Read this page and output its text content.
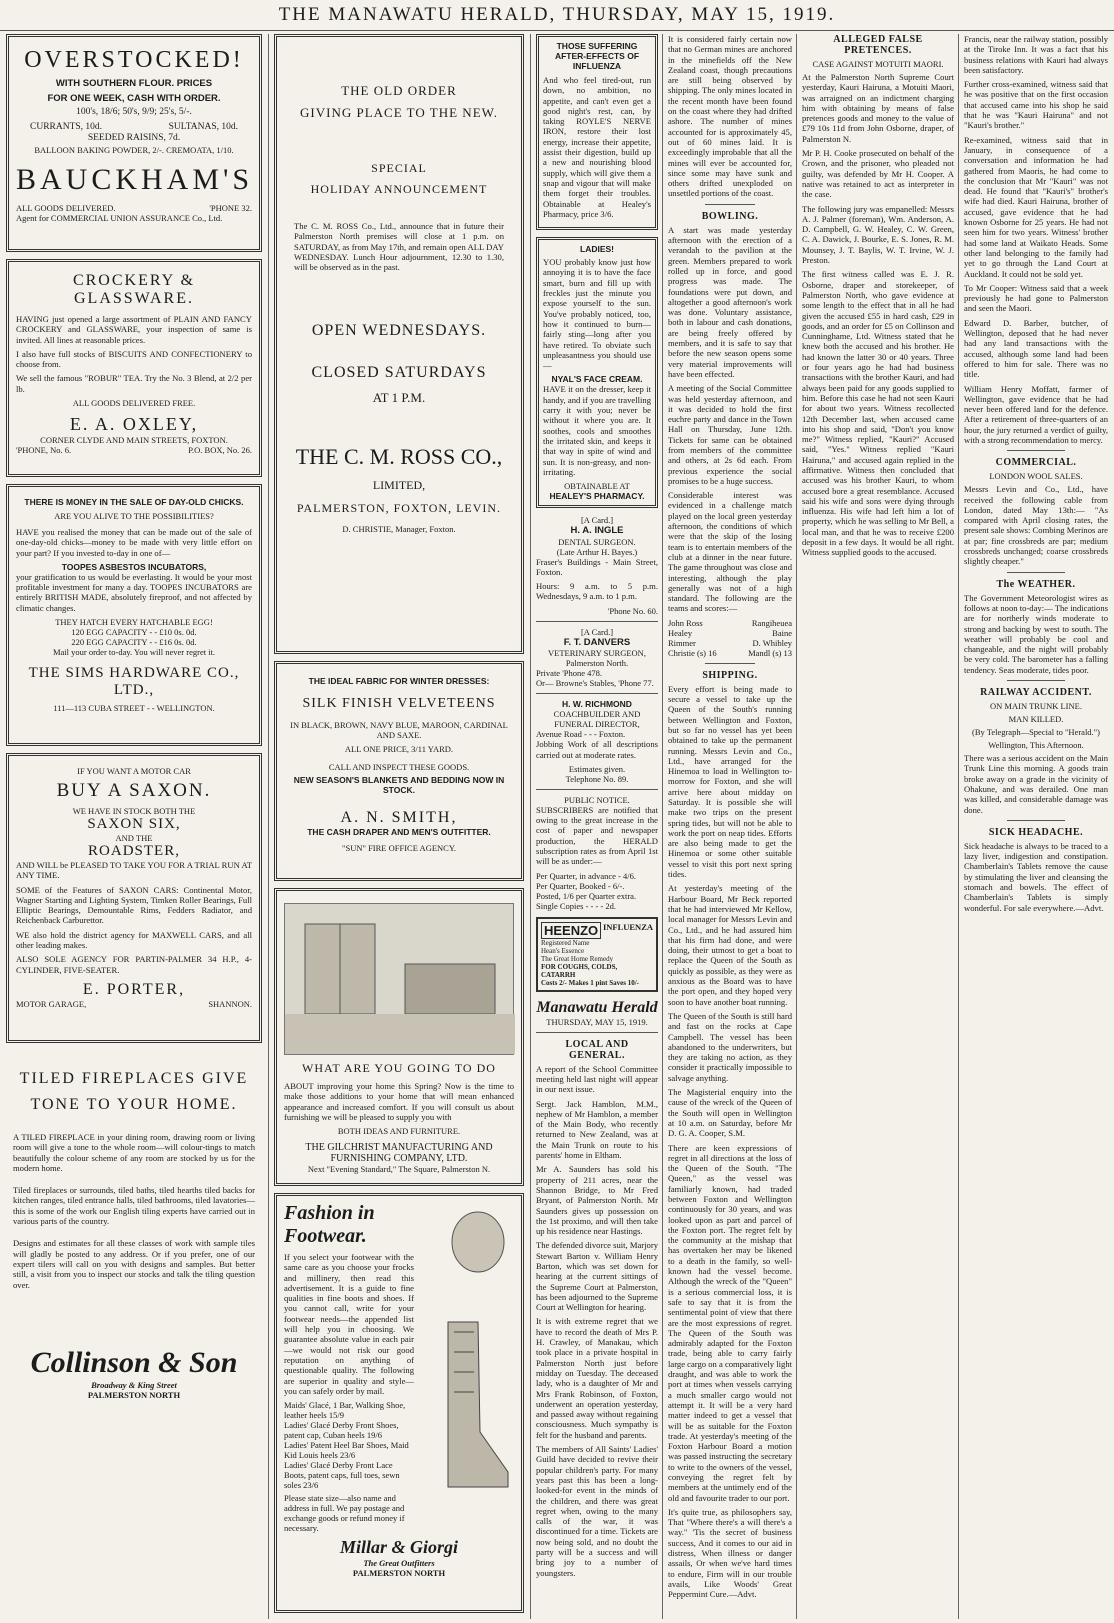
THE MANAWATU HERALD, THURSDAY, MAY 15, 1919.
OVERSTOCKED!
WITH SOUTHERN FLOUR. PRICES
FOR ONE WEEK, CASH WITH ORDER.
100's, 18/6; 50's, 9/9; 25's, 5/-.
CURRANTS, 10d.	SULTANAS, 10d.
SEEDED RAISINS, 7d.
BALLOON BAKING POWDER, 2/-. CREMOATA, 1/10.
BAUCKHAM'S
ALL GOODS DELIVERED.	'PHONE 32.
Agent for COMMERCIAL UNION ASSURANCE Co., Ltd.
CROCKERY & GLASSWARE.

HAVING just opened a large assortment of PLAIN AND FANCY CROCKERY and GLASSWARE, your inspection of same is invited. All lines at reasonable prices.

I also have full stocks of BISCUITS AND CONFECTIONERY to choose from.

We sell the famous "ROBUR" TEA. Try the No. 3 Blend, at 2/2 per lb.

ALL GOODS DELIVERED FREE.

E. A. OXLEY,
CORNER CLYDE AND MAIN STREETS, FOXTON.
'PHONE, No. 6.	P.O. BOX, No. 26.
THERE IS MONEY IN THE SALE OF DAY-OLD CHICKS.
ARE YOU ALIVE TO THE POSSIBILITIES?

HAVE you realised the money that can be made out of the sale of one-day-old chicks—money to be made with very little effort on your part? If you invested to-day in one of—

TOOPES ASBESTOS INCUBATORS,

your gratification to us would be everlasting. It would be your most profitable investment for many a day. TOOPES INCUBATORS are entirely BRITISH MADE, absolutely fireproof, and not affected by climatic changes.

THEY HATCH EVERY HATCHABLE EGG!

120 EGG CAPACITY - - £10 0s. 0d.

220 EGG CAPACITY - - £16 0s. 0d.

Mail your order to-day. You will never regret it.

THE SIMS HARDWARE CO., LTD.,
111—113 CUBA STREET - - WELLINGTON.
IF YOU WANT A MOTOR CAR
BUY A SAXON.
WE HAVE IN STOCK BOTH THE
SAXON SIX,
AND THE
ROADSTER,

AND WILL be PLEASED TO TAKE YOU FOR A TRIAL RUN AT ANY TIME.

SOME of the Features of SAXON CARS: Continental Motor, Wagner Starting and Lighting System, Timken Roller Bearings, Full Elliptic Bearings, Demountable Rims, Fedders Radiator, and Reichenback Carburettor.

WE also hold the district agency for MAXWELL CARS, and all other leading makes.

ALSO SOLE AGENCY FOR PARTIN-PALMER 34 H.P., 4-CYLINDER, FIVE-SEATER.

E. PORTER,
MOTOR GARAGE,	SHANNON.
TILED FIREPLACES GIVE TONE TO YOUR HOME.

A TILED FIREPLACE in your dining room, drawing room or living room will give a tone to the whole room—will colour-tings to match beautifully the colour scheme of any room are stocked by us for the modern home.

Tiled fireplaces or surrounds, tiled baths, tiled hearths tiled backs for kitchen ranges, tiled entrance halls, tiled bathrooms, tiled lavatories—this is some of the work our English tiling experts have carried out in various parts of the country.

Designs and estimates for all these classes of work with sample tiles will gladly be posted to any address. Or if you prefer, one of our expert tilers will call on you with designs and samples. But better still, a visit from you to inspect our stocks and talk the tiling question over.

Collinson & Son
Broadway & King Street
PALMERSTON NORTH
THE OLD ORDER
GIVING PLACE TO THE NEW.
SPECIAL
HOLIDAY ANNOUNCEMENT

The C. M. ROSS Co., Ltd., announce that in future their Palmerston North premises will close at 1 p.m. on SATURDAY, as from May 17th, and remain open ALL DAY WEDNESDAY. Lunch Hour adjournment, 12.30 to 1.30, will be observed as in the past.

OPEN WEDNESDAYS.
CLOSED SATURDAYS
AT 1 P.M.
THE C. M. ROSS CO.,
LIMITED,
PALMERSTON, FOXTON, LEVIN.
D. CHRISTIE, Manager, Foxton.
THE IDEAL FABRIC FOR WINTER DRESSES:
SILK FINISH VELVETEENS
IN BLACK, BROWN, NAVY BLUE, MAROON, CARDINAL AND SAXE.
ALL ONE PRICE, 3/11 YARD.
CALL AND INSPECT THESE GOODS.
NEW SEASON'S BLANKETS AND BEDDING NOW IN STOCK.
A. N. SMITH,
THE CASH DRAPER AND MEN'S OUTFITTER.
"SUN" FIRE OFFICE AGENCY.
WHAT ARE YOU GOING TO DO

ABOUT improving your home this Spring? Now is the time to make those additions to your home that will mean enhanced appearance and increased comfort. If you will consult us about furnishing we will be pleased to supply you with

BOTH IDEAS AND FURNITURE.
THE GILCHRIST MANUFACTURING AND FURNISHING COMPANY, LTD.
Next "Evening Standard," The Square, Palmerston N.
Fashion in
Footwear.

If you select your footwear with the same care as you choose your frocks and millinery, then read this advertisement. It is a guide to fine qualities in fine boots and shoes. If you cannot call, write for your footwear needs—the appended list will help you in choosing. We guarantee absolute value in each pair—we would not risk our good reputation on anything of questionable quality. The following are superior in quality and style—you can safely order by mail.

Maids' Glacé, 1 Bar, Walking Shoe, leather heels 15/9

Ladies' Glacé Derby Front Shoes, patent cap, Cuban heels 19/6

Ladies' Patent Heel Bar Shoes, Maid Kid Louis heels 23/6

Ladies' Glacé Derby Front Lace Boots, patent caps, full toes, sewn soles 23/6

Please state size—also name and address in full. We pay postage and exchange goods or refund money if necessary.

Millar & Giorgi
The Great Outfitters
PALMERSTON NORTH
THOSE SUFFERING AFTER-EFFECTS OF INFLUENZA

And who feel tired-out, run down, no ambition, no appetite, and can't even get a good night's rest, can, by taking ROYLE'S NERVE IRON, restore their lost energy, increase their appetite, assist their digestion, build up a new and nourishing blood supply, which will give them a snap and vigour that will make them forget their troubles. Obtainable at Healey's Pharmacy, price 3/6.

LADIES!

YOU probably know just how annoying it is to have the face smart, burn and fill up with freckles just the minute you expose yourself to the sun. You've probably noticed, too, how it continued to burn—fairly sting—long after you have retired. To obviate such unpleasantness you should use—

NYAL'S FACE CREAM.

HAVE it on the dresser, keep it handy, and if you are travelling carry it with you; never be without it where you are. It soothes, cools and smoothes the irritated skin, and keeps it that way in spite of wind and sun. It is non-greasy, and non-irritating.

OBTAINABLE AT

HEALEY'S PHARMACY.

[A Card.]

H. A. INGLE

DENTAL SURGEON.

(Late Arthur H. Bayes.)

Fraser's Buildings - Main Street, Foxton.

Hours: 9 a.m. to 5 p.m. Wednesdays, 9 a.m. to 1 p.m.

'Phone No. 60.

[A Card.]

F. T. DANVERS

VETERINARY SURGEON,

Palmerston North.

Private 'Phone 478.

Or— Browne's Stables, 'Phone 77.

H. W. RICHMOND

COACHBUILDER AND FUNERAL DIRECTOR,

Avenue Road - - - Foxton.

Jobbing Work of all descriptions carried out at moderate rates.

Estimates given.

Telephone No. 89.

PUBLIC NOTICE.

SUBSCRIBERS are notified that owing to the great increase in the cost of paper and newspaper production, the HERALD subscription rates as from April 1st will be as under:—

Per Quarter, in advance - 4/6.

Per Quarter, Booked - 6/-.

Posted, 1/6 per Quarter extra.

Single Copies - - - - 2d.

HEENZO INFLUENZA

Registered Name

Hean's Essence

The Great Home Remedy

FOR COUGHS, COLDS, CATARRH

Costs 2/- Makes 1 pint Saves 10/-

Manawatu Herald
THURSDAY, MAY 15, 1919.
LOCAL AND GENERAL.

A report of the School Committee meeting held last night will appear in our next issue.

Sergt. Jack Hamblon, M.M., nephew of Mr Hamblon, a member of the Main Body, who recently returned to New Zealand, was at the Main Trunk on route to his parents' home in Eltham.

Mr A. Saunders has sold his property of 211 acres, near the Shannon Bridge, to Mr Fred Bryant, of Palmerston North. Mr Saunders gives up possession on the 1st proximo, and will then take up his residence near Hastings.

The defended divorce suit, Marjory Stewart Barton v. William Henry Barton, which was set down for hearing at the current sittings of the Supreme Court at Palmerston, has been adjourned to the Supreme Court at Wellington for hearing.

It is with extreme regret that we have to record the death of Mrs P. H. Crawley, of Manakau, which took place in a private hospital in Palmerston North just before midday on Tuesday. The deceased lady, who is a daughter of Mr and Mrs Frank Robinson, of Foxton, underwent an operation yesterday, and passed away without regaining consciousness. Much sympathy is felt for the husband and parents.

The members of All Saints' Ladies' Guild have decided to revive their popular children's party. For many years past this has been a long-looked-for event in the minds of the children, and there was great regret when, owing to the many calls of the war, it was discontinued for a time. Tickets are now being sold, and no doubt the party will be a success and will bring joy to a number of youngsters.

It is considered fairly certain now that no German mines are anchored in the minefields off the New Zealand coast, though precautions are still being observed by shipping. The only mines located in the recent month have been found on the coast where they had drifted ashore. The number of mines accounted for is approximately 45, out of 60 mines laid. It is exceedingly improbable that all the mines will ever be accounted for, since some may have sunk and others drifted unexploded on unsettled portions of the coast.

BOWLING.

A start was made yesterday afternoon with the erection of a verandah to the pavilion at the green. Members prepared to work rolled up in force, and good progress was made. The foundations were put down, and altogether a good afternoon's work was done. Voluntary assistance, both in labour and cash donations, are being freely offered by members, and it is safe to say that before the new season opens some very material improvements will have been effected.

A meeting of the Social Committee was held yesterday afternoon, and it was decided to hold the first euchre party and dance in the Town Hall on Thursday, June 12th. Tickets for same can be obtained from members of the committee and others, at 2s 6d each. From previous experience the social promises to be a huge success.

Considerable interest was evidenced in a challenge match played on the local green yesterday afternoon, the conditions of which were that the skip of the losing team is to entertain members of the club at a dinner in the near future. The game throughout was close and interesting, although the play generally was not of a high standard. The following are the teams and scores:—

John Ross	Rangiheuea
Healey	Baine
Rimmer	D. Whibley
Christie (s) 16	Mandl (s) 13
SHIPPING.

Every effort is being made to secure a vessel to take up the Queen of the South's running between Wellington and Foxton, but so far no vessel has yet been obtained to take up the permanent running. Messrs Levin and Co., Ltd., have arranged for the Hinemoa to load in Wellington to-morrow for Foxton, and she will arrive here about midday on Saturday. It is possible she will make two trips on the present spring tides, but will not be able to work the port on neap tides. Efforts are also being made to get the Hinemoa or some other suitable vessel to visit this port next spring tides.

At yesterday's meeting of the Harbour Board, Mr Beck reported that he had interviewed Mr Kellow, local manager for Messrs Levin and Co., Ltd., and he had assured him that his firm had done, and were doing, their utmost to get a boat to replace the Queen of the South as quickly as possible, as they were as anxious as the Board was to have the port open, and they hoped very soon to have another boat running.

The Queen of the South is still hard and fast on the rocks at Cape Campbell. The vessel has been abandoned to the underwriters, but they are taking no action, as they consider it practically impossible to salvage anything.

The Magisterial enquiry into the cause of the wreck of the Queen of the South will open in Wellington at 10 a.m. on Saturday, before Mr D. G. A. Cooper, S.M.

There are keen expressions of regret in all directions at the loss of the Queen of the South. "The Queen," as the vessel was familiarly known, had traded between Foxton and Wellington continuously for 30 years, and was looked upon as part and parcel of the Foxton port. The regret felt by the community at the mishap that has overtaken her may be likened to a death in the family, so well-known had the vessel become. Although the wreck of the "Queen" is a serious commercial loss, it is safe to say that it is from the sentimental point of view that there are the most expressions of regret. The Queen of the South was admirably adapted for the Foxton trade, being able to carry fairly large cargo on a comparatively light draught, and was able to work the port at times when vessels carrying a much smaller cargo would not attempt it. It will be a very hard matter indeed to get a vessel that will be as suitable for the Foxton trade. At yesterday's meeting of the Foxton Harbour Board a motion was passed instructing the secretary to write to the owners of the vessel, conveying the regret felt by members at the untimely end of the old and favourite trader to our port.

It's quite true, as philosophers say, That "Where there's a will there's a way." 'Tis the secret of business success, And it comes to our aid in distress, When illness or danger assails, Or when we've hard times to endure, Firm will in our trouble avails, Like Woods' Great Peppermint Cure.—Advt.

ALLEGED FALSE PRETENCES.
CASE AGAINST MOTUITI MAORI.

At the Palmerston North Supreme Court yesterday, Kauri Hairuna, a Motuiti Maori, was arraigned on an indictment charging him with obtaining by means of false pretences goods and money to the value of £79 10s 11d from John Osborne, draper, of Palmerston N.

Mr P. H. Cooke prosecuted on behalf of the Crown, and the prisoner, who pleaded not guilty, was defended by Mr H. Cooper. A native was retained to act as interpreter in the case.

The following jury was empanelled: Messrs A. J. Palmer (foreman), Wm. Anderson, A. D. Campbell, G. W. Healey, C. W. Green, C. A. Dawick, J. Bourke, E. S. Jones, R. M. Mounsey, J. T. Baylis, W. T. Irvine, W. J. Preston.

The first witness called was E. J. R. Osborne, draper and storekeeper, of Palmerston North, who gave evidence at some length to the effect that in all he had given the accused £55 in hard cash, £29 in goods, and an order for £5 on Collinson and Cunninghame, Ltd. Witness stated that he knew both the accused and his brother. He had known the latter 30 or 40 years. Three or four years ago he had had business transactions with the brother Kauri, and had always been paid for any goods supplied to him. Before this case he had not seen Kauri for about two years. Witness recollected 12th December last, when accused came into his shop and said, "Don't you know me?" Witness replied, "Kauri?" Accused said, "Yes." Witness replied "Kauri Hairuna," and accused again replied in the affirmative. Witness then concluded that accused was his brother Kauri, to whom accused bore a great resemblance. Accused said his wife and sons were dying through influenza. His wife had left him a lot of property, which he was selling to Mr Bell, a local man, and that he was to receive £200 deposit in a few days. It would be all right. Witness supplied goods to the accused.

Francis, near the railway station, possibly at the Tiroke Inn. It was a fact that his business relations with Kauri had always been satisfactory.

Further cross-examined, witness said that he was positive that on the first occasion that accused came into his shop he said that he was "Kauri Hairuna" and not "Kauri's brother."

Re-examined, witness said that in January, in consequence of a conversation and information he had gathered from Maoris, he had come to the conclusion that Mr "Kauri" was not dead. He found that "Kauri's" brother's wife had died. Kauri Hairuna, brother of accused, gave evidence that he had known Osborne for 25 years. He had not seen him for two years. Witness' brother had some land at Waikato Heads. Some other land belonging to the family had yet to go through the Land Court at Auckland. It could not be sold yet.

To Mr Cooper: Witness said that a week previously he had gone to Palmerston and seen the Maori.

Edward D. Barber, butcher, of Wellington, deposed that he had never had any land transactions with the accused, although some land had been offered to him for sale. There was no title.

William Henry Moffatt, farmer of Wellington, gave evidence that he had never been offered land for the defence. After a retirement of three-quarters of an hour, the jury returned a verdict of guilty, with a strong recommendation to mercy.

COMMERCIAL.
LONDON WOOL SALES.

Messrs Levin and Co., Ltd., have received the following cable from London, dated May 13th:— "As compared with April closing rates, the present sale shows: Combing Merinos are at par; fine crossbreds are par; medium crossbreds unchanged; coarse crossbreds slightly cheaper."

The WEATHER.

The Government Meteorologist wires as follows at noon to-day:— The indications are for northerly winds moderate to strong and backing by west to south. The weather will probably be cool and changeable, and the night will probably be very cold. The barometer has a falling tendency. Seas moderate, tides poor.

RAILWAY ACCIDENT.
ON MAIN TRUNK LINE.
MAN KILLED.
(By Telegraph—Special to "Herald.")
Wellington, This Afternoon.

There was a serious accident on the Main Trunk Line this morning. A goods train broke away on a grade in the vicinity of Ohakune, and was derailed. One man was killed, and considerable damage was done.

SICK HEADACHE.

Sick headache is always to be traced to a lazy liver, indigestion and constipation. Chamberlain's Tablets remove the cause by stimulating the liver and cleansing the stomach and bowels. The effect of Chamberlain's Tablets is simply wonderful. For sale everywhere.—Advt.
